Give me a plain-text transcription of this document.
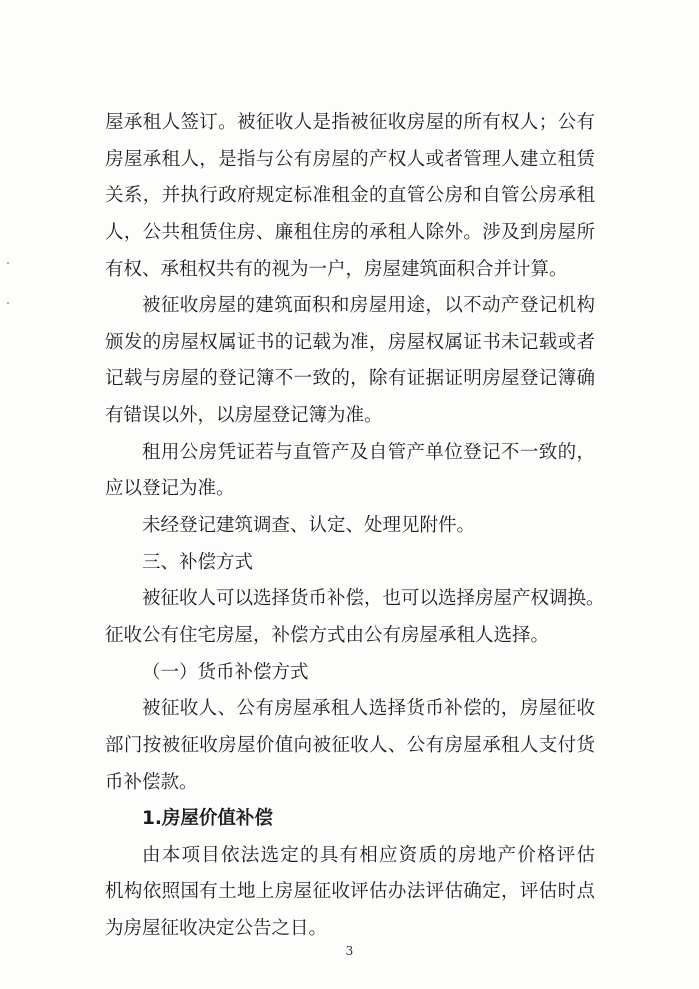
屋承租人签订。被征收人是指被征收房屋的所有权人；公有
房屋承租人，是指与公有房屋的产权人或者管理人建立租赁
关系，并执行政府规定标准租金的直管公房和自管公房承租
人，公共租赁住房、廉租住房的承租人除外。涉及到房屋所
有权、承租权共有的视为一户，房屋建筑面积合并计算。
被征收房屋的建筑面积和房屋用途，以不动产登记机构
颁发的房屋权属证书的记载为准，房屋权属证书未记载或者
记载与房屋的登记簿不一致的，除有证据证明房屋登记簿确
有错误以外，以房屋登记簿为准。
租用公房凭证若与直管产及自管产单位登记不一致的，
应以登记为准。
未经登记建筑调查、认定、处理见附件。
三、补偿方式
被征收人可以选择货币补偿，也可以选择房屋产权调换。
征收公有住宅房屋，补偿方式由公有房屋承租人选择。
（一）货币补偿方式
被征收人、公有房屋承租人选择货币补偿的，房屋征收
部门按被征收房屋价值向被征收人、公有房屋承租人支付货
币补偿款。
1.房屋价值补偿
由本项目依法选定的具有相应资质的房地产价格评估
机构依照国有土地上房屋征收评估办法评估确定，评估时点
为房屋征收决定公告之日。
3
